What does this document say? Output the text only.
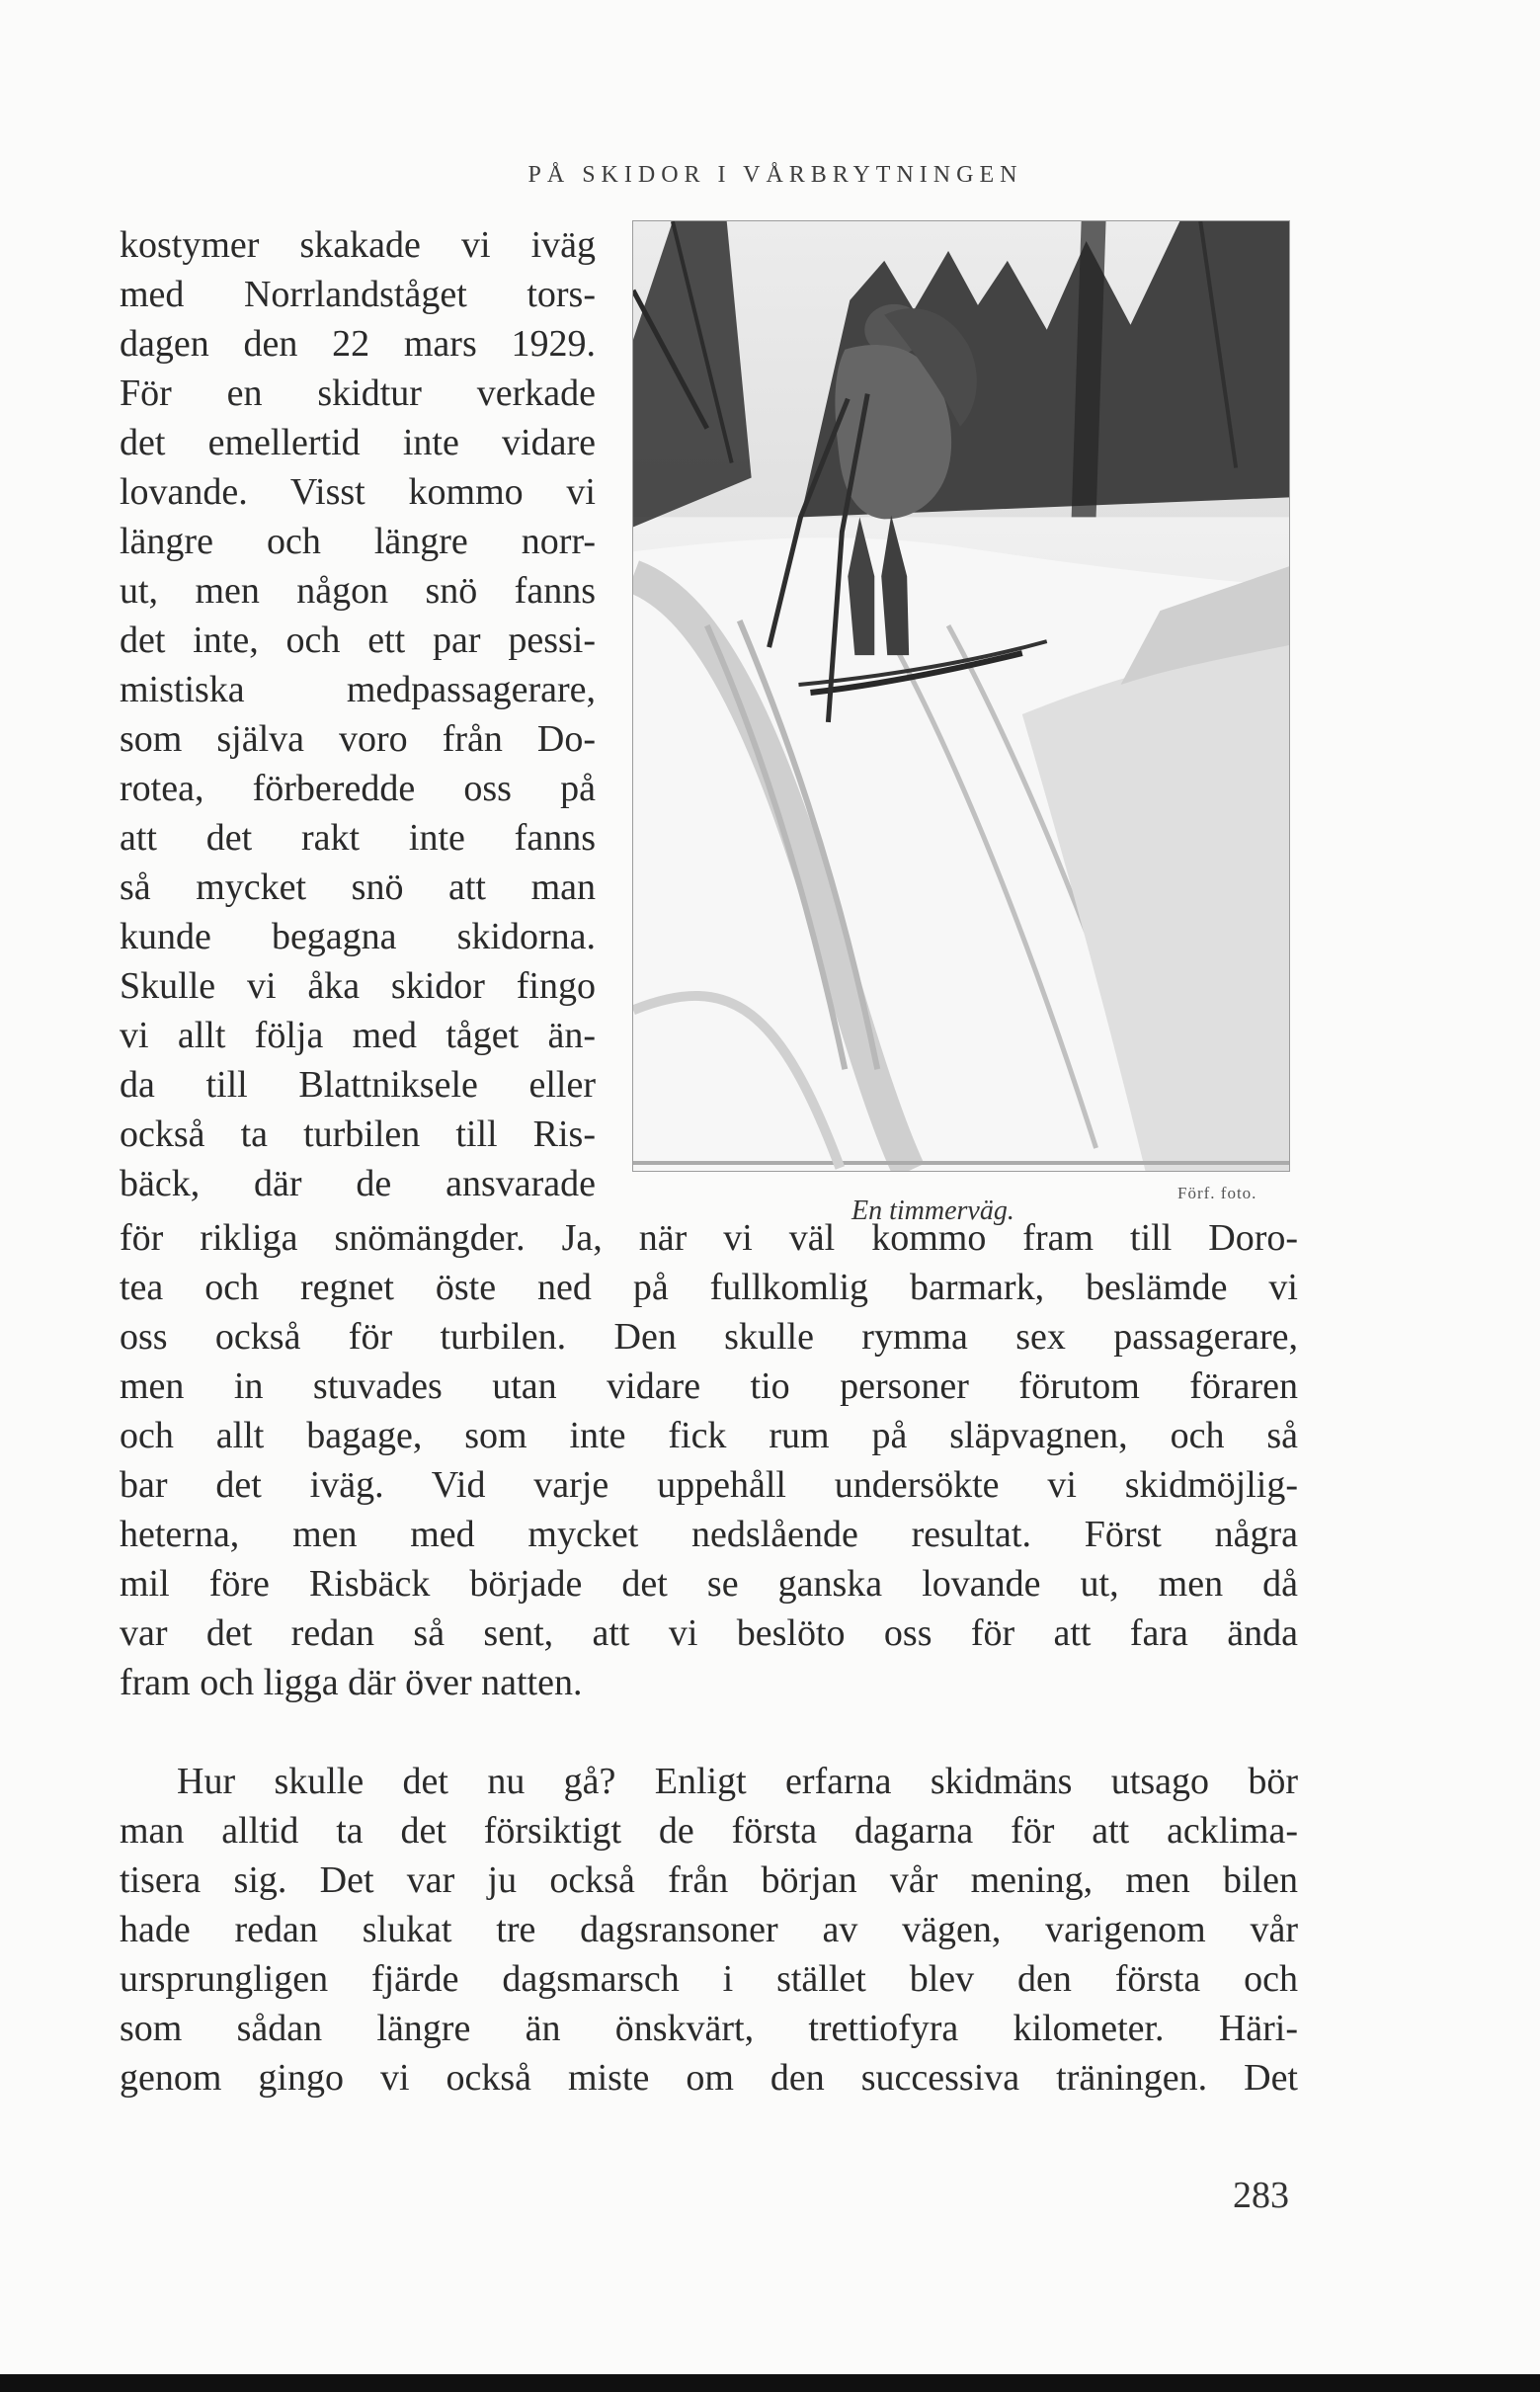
PÅ SKIDOR I VÅRBRYTNINGEN
kostymer skakade vi iväg
med Norrlandståget tors-
dagen den 22 mars 1929.
För en skidtur verkade
det emellertid inte vidare
lovande. Visst kommo vi
längre och längre norr-
ut, men någon snö fanns
det inte, och ett par pessi-
mistiska medpassagerare,
som själva voro från Do-
rotea, förberedde oss på
att det rakt inte fanns
så mycket snö att man
kunde begagna skidorna.
Skulle vi åka skidor fingo
vi allt följa med tåget än-
da till Blattniksele eller
också ta turbilen till Ris-
bäck, där de ansvarade
En timmerväg.
Förf. foto.
för rikliga snömängder. Ja, när vi väl kommo fram till Doro-
tea och regnet öste ned på fullkomlig barmark, beslämde vi
oss också för turbilen. Den skulle rymma sex passagerare,
men in stuvades utan vidare tio personer förutom föraren
och allt bagage, som inte fick rum på släpvagnen, och så
bar det iväg. Vid varje uppehåll undersökte vi skidmöjlig-
heterna, men med mycket nedslående resultat. Först några
mil före Risbäck började det se ganska lovande ut, men då
var det redan så sent, att vi beslöto oss för att fara ända
fram och ligga där över natten.
Hur skulle det nu gå? Enligt erfarna skidmäns utsago bör
man alltid ta det försiktigt de första dagarna för att acklima-
tisera sig. Det var ju också från början vår mening, men bilen
hade redan slukat tre dagsransoner av vägen, varigenom vår
ursprungligen fjärde dagsmarsch i stället blev den första och
som sådan längre än önskvärt, trettiofyra kilometer. Häri-
genom gingo vi också miste om den successiva träningen. Det
283
